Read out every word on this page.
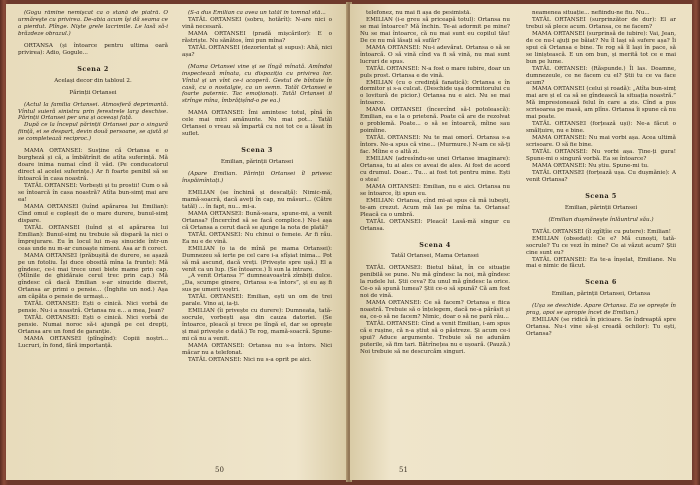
(Gogu rămîne nemişcat ca o stană de piatră. O urmăreşte cu privirea. De-abia acum îşi dă seama ce a pierdut. Plînge. Nişte grele lacrimile. Le lasă să-i brăzdeze obrazul.)

ORTANSA (și întoarce pentru ultima oară privirea): Adio, Gogule...

Scena 2

Același decor din tabloul 2.

Părinții Ortansei

(Actul la familia Ortansei. Atmosferă deprimantă. Vîntul suieră sinistru prin ferestrele larg deschise. Părinții Ortansei per una și aceeași față.

După ce la începul părinții Ortansei par o singură ființă, ei se despart, devin două persoane, se ajută și se completează reciproc.)

MAMA ORTANSEI: Susține că Ortansa e o burgheză și că, a îmbătrînit de atîta suferință. Mă doare inima numai cînd îl văd. (Pe conducatorul direct al acelei suferințe.) Ar fi foarte penibil să se întoarcă în casa noastră.

TATĂL ORTANSEI: Vorbești și tu prostii! Cum o să se întoarcă în casa noastră? Atîta bun-simț mai are ea!

MAMA ORTANSEI (luînd apărarea lui Emilian): Cînd omul e copleșit de o mare durere, bunul-simț dispare.

TATĂL ORTANSEI (luînd și el apărarea lui Emilian): Bunul-simț nu trebuie să dispară la nici o împrejurare. Eu în locul lui m-aș sinucide într-un ceas unde nu m-ar cunoaște nimeni. Asa ar fi corect.

MAMA ORTANSEI (prăbușită de durere, se așază pe un fotoliu. Își duce obosită mîna la frunte): Mă gîndesc, ce-i mai trece unei biete mame prin cap. (Mîinile de ghidăraie cerul trec prin cap.) Mă gîndesc că dacă Emilian s-ar sinucide discret, Ortansa ar primi o pensie... (Înghite un nod.) Așa am căpăta o pensie de urmași...

TATĂL ORTANSEI: Ești o cinică. Nici vorbă de pensie. Nu-i a noastră. Ortansa nu e... a mea, Jean?

TATĂL ORTANSEI: Ești o cinică. Nici vorbă de pensie. Numai noroc să-i ajungă pe cei drepți, Ortansa are un fond de garanție.

MAMA ORTANSEI (plîngînd): Copiii noștri... Lucruri, în fond, fără importanță.

(S-a dus Emilian ca avea un tatăl în tomnal stă...

TATĂL ORTANSEI (sobru, hotărît): N-are nici o vină necesară.

MAMA ORTANSEI (pradă mișcărilor): E o răstriște. Nu sănătos, îmi pun mîna?

TATĂL ORTANSEI (dezorientat și supus): Ahă, nici așa?

(Mama Ortansei vine și se lîngă mînată. Amîndoi inspectează mînata, cu dispoziția cu privirea lor. Vîntul și un vînt ce-i acoperă. Gestul de bîntuie în casă, cu o nostalgie, ca un semn. Tatăl Ortansei e foarte paternic. Tac emoționați. Tatăl Ortansei il strînge mîna, îmbrățișînd-o pe ea.)

MAMA ORTANSEI: Îmi amintesc totul, pînă în cele mai mici amănunte. Nu mai pot... Tatăl Ortansei o vreau să împartă cu noi tot ce a lăsat în suflet.

Scena 3

Emilian, părinții Ortansei

(Apare Emilian. Părinții Ortansei îl privesc înspăimîntați.)

EMILIAN (se închină și descalță): Nimic-mă, mamă-soacră, dacă aveți în cap, nu măsuri... (Către tatăl) ... în fapt, nu... mi-a.

MAMA ORTANSEI: Bună-seara, spune-mi, a venit Ortansa? (Încercînd să se facă complice.) Nu-i așa că Ortansa a cerut dacă se ajunge la nota de plată?

TATĂL ORTANSEI: Nu chinui o femeie. Ar fi rău. Ea nu e de vină.

EMILIAN (o ia de mînă pe mama Ortansei): Dumnezeu să ierte pe cel care i-a sfîșiat inima... Pot să mă ascund, dacă vreți. (Privește spre ușă.) El a venit ca un lup. (Se întoarce.) Îi sun la intrare.

„A venit Ortansa ?” dumneavoastră zîmbiți dulce. „Da, scumpe ginere, Ortansa s-a întors”, și eu aș fi sus pe umerii voștri.

TATĂL ORTANSEI: Emilian, ești un om de trei parale. Vino ai, ia-ți.

EMILIAN (îi privește cu durere): Dumneata, tată-socrule, vorbești așa din cauza datoriei. (Se întoarce, pleacă și trece pe lîngă el, dar se oprește și mai privește o dată.) Te rog, mamă-soacră. Spune-mi că nu a venit.

MAMA ORTANSEI: Ortansa nu s-a întors. Nici măcar nu a telefonat.

TATĂL ORTANSEI: Nici nu s-a oprit pe aici.

50

telefonez, nu mai fi așa de pesimistă.

EMILIAN (i-e greu să priceapă totul): Ortansa nu se mai întoarce? Mă închin. Te-ai adormit pe mine? Nu se mai întoarce, că nu mai sunt eu copilul tău! De ce nu mă lăsați să sufăr?

MAMA ORTANSEI: Nu-i adevărat. Ortansa o să se întoarcă. O să vină cînd va fi să vină, nu mai sunt lucruri de spus.

TATĂL ORTANSEI: N-a fost o mare iubire, doar un puls prost. Ortansa e de vină.

EMILIAN (cu o credință fanatică): Ortansa e în dormitor și s-a culcat. (Deschide ușa dormitorului cu o lovitură de picior.) Ortansa nu e aici. Nu se mai întoarce.

MAMA ORTANSEI (încercînd să-l potolească): Emilian, ea e la o prietenă. Poate că are de rezolvat o problemă. Poate... o să se întoarcă, mîine sau poimîine.

TATĂL ORTANSEI: Nu te mai omorî. Ortansa s-a întors. Ne-a spus că vine... (Murmure.) N-am ce să-ți fac. Mîine e o altă zi.

EMILIAN (adresîndu-se unei Ortanse imaginare): Ortansa, tu ai ales ce aveai de ales. Ai fost de acord cu drumul. Doar... Tu... ai fost tot pentru mine. Ești o stea!

MAMA ORTANSEI: Emilian, nu e aici. Ortansa nu se întoarce, îți spun eu.

EMILIAN: Ortansa, cînd mi-ai spus că mă iubești, te-am crezut. Acum mă las pe mîna ta. Ortansa! Pleacă ca o umbră.

TATĂL ORTANSEI: Pleacă! Lasă-mă singur cu Ortansa.

Scena 4

Tatăl Ortansei, Mama Ortansei

TATĂL ORTANSEI: Bietul băiat, în ce situație penibilă se pune. Nu mă gîndesc la noi, mă gîndesc la rudele lui. Știi ceva? Eu unul mă gîndesc la orice. Ce-o să spună lumea? Știi ce-o să spună? Că am fost noi de vină.

MAMA ORTANSEI: Ce să facem? Ortansa e fiica noastră. Trebuie să o înțelegem, dacă ne-a părăsit și ea, ce-o să ne facem? Nimic, doar o să ne pară rău...

TATĂL ORTANSEI: Cînd a venit Emilian, i-am spus că e rușine, că n-a știut să o păstreze. Și acum ce-i spui? Aduce argumente. Trebuie să ne adunăm puterile, să fim tari. Bătrînețea nu e ușoară. (Pauză.) Noi trebuie să ne descurcăm singuri.

neamenea situație... nefiindu-ne fiu. Nu...

TATĂL ORTANSEI (surprinzător de dur): El ar trebui să plece acum. Ortansa, ce ne facem?

MAMA ORTANSEI (surprinsă de iubire): Vai, Jean, de ce nu-l ajuți pe băiat? Nu îl lași să sufere așa? Îi spui că Ortansa e bine. Te rog să îl lași în pace, să se liniștească. E un om bun, și merită tot ce e mai bun pe lume.

TATĂL ORTANSEI: (Răspunde.) Îl las. Doamne, dumnezeule, ce ne facem cu el? Știi tu ce va face acum?

MAMA ORTANSEI (celui și roadă): „Atîta bun-simț mai are și el ca să se gîndească la situația noastră.” Mă impresionează felul în care a zis. Cînd a pus scrisoarea pe masă, am plîns. Ortansa îi spune că nu mai poate.

TATĂL ORTANSEI (forțează uși): Ne-a făcut o smălțuire, nu e bine.

MAMA ORTANSEI: Nu mai vorbi așa. Acea ultimă scrisoare. O să fie bine.

TATĂL ORTANSEI: Nu vorbi așa. Ține-ți gura! Spune-mi o singură vorbă. Ea se întoarce?

MAMA ORTANSEI: Nu știu. Spune-mi tu.

TATĂL ORTANSEI (forțează ușa. Cu dușmănie): A venit Ortansa?

Scena 5

Emilian, părinții Ortansei

(Emilian dușmănește înlăuntrul său.)

TATĂL ORTANSEI (îl zgîlțîie cu putere): Emilian!

EMILIAN (obsedat): Ce e? Mă cunoști, tată-socrule? Tu ce vezi în mine? Ce ai văzut acum? Știi cine sunt eu?

TATĂL ORTANSEI: Ea te-a înșelat, Emiliane. Nu mai e nimic de făcut.

Scena 6

Emilian, părinții Ortansei, Ortansa

(Ușa se deschide. Apare Ortansa. Ea se oprește în prag, apoi se apropie încet de Emilian.)

EMILIAN (se ridică în picioare. Se îndreaptă spre Ortansa. Nu-i vine să-și creadă ochilor): Tu ești, Ortansa?

51
